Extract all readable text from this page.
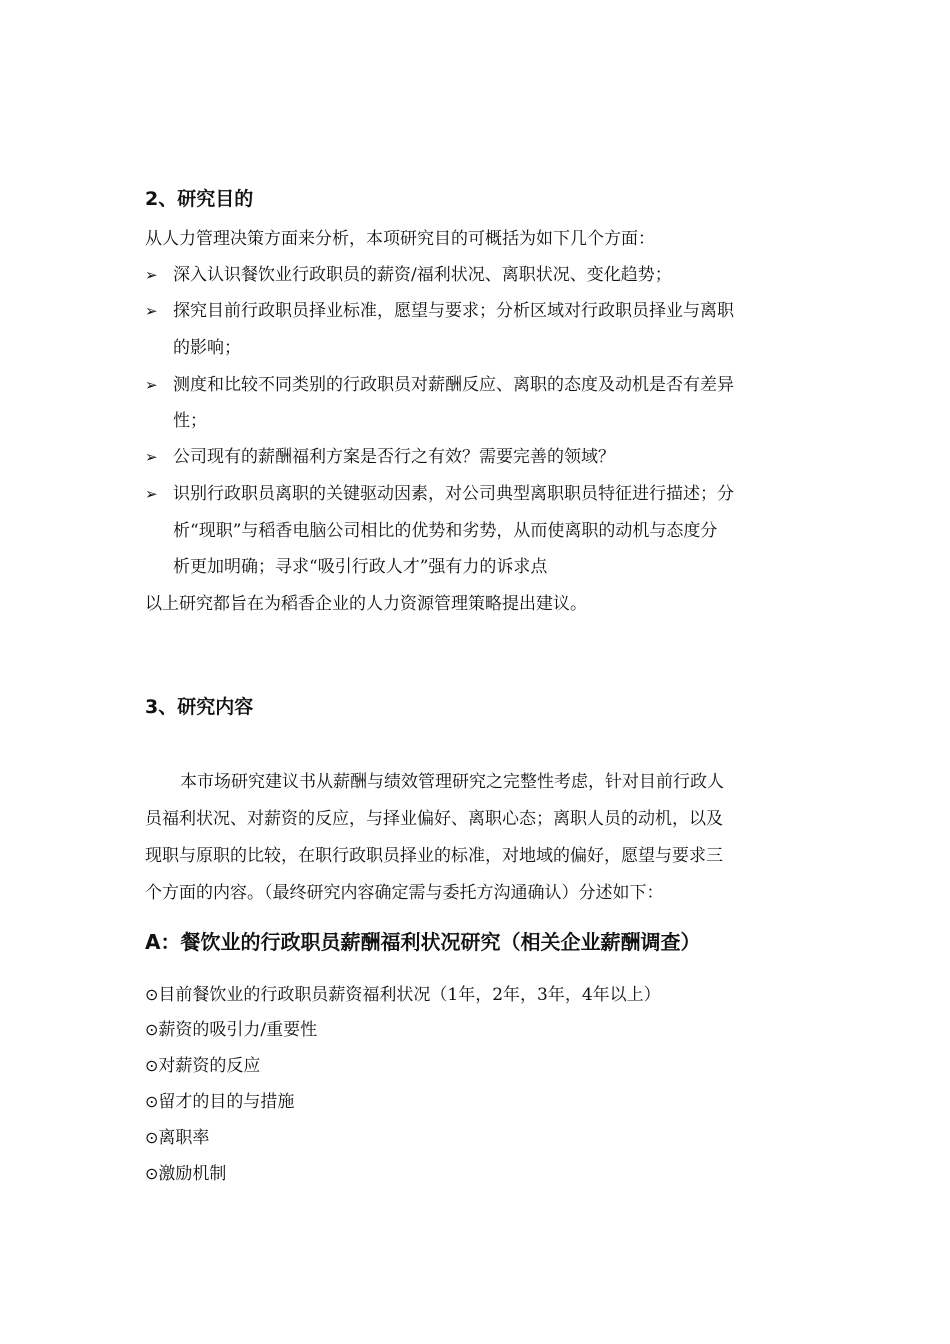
2、研究目的
从人力管理决策方面来分析，本项研究目的可概括为如下几个方面：
➢ 深入认识餐饮业行政职员的薪资/福利状况、离职状况、变化趋势；
➢ 探究目前行政职员择业标准，愿望与要求；分析区域对行政职员择业与离职
的影响；
➢ 测度和比较不同类别的行政职员对薪酬反应、离职的态度及动机是否有差异
性；
➢ 公司现有的薪酬福利方案是否行之有效？需要完善的领域？
➢ 识别行政职员离职的关键驱动因素，对公司典型离职职员特征进行描述；分
析“现职”与稻香电脑公司相比的优势和劣势，从而使离职的动机与态度分
析更加明确；寻求“吸引行政人才”强有力的诉求点
以上研究都旨在为稻香企业的人力资源管理策略提出建议。
3、研究内容
本市场研究建议书从薪酬与绩效管理研究之完整性考虑，针对目前行政人
员福利状况、对薪资的反应，与择业偏好、离职心态；离职人员的动机，以及
现职与原职的比较，在职行政职员择业的标准，对地域的偏好，愿望与要求三
个方面的内容。（最终研究内容确定需与委托方沟通确认）分述如下：
A：餐饮业的行政职员薪酬福利状况研究（相关企业薪酬调查）
⊙目前餐饮业的行政职员薪资福利状况（1年，2年，3年，4年以上）
⊙薪资的吸引力/重要性
⊙对薪资的反应
⊙留才的目的与措施
⊙离职率
⊙激励机制
